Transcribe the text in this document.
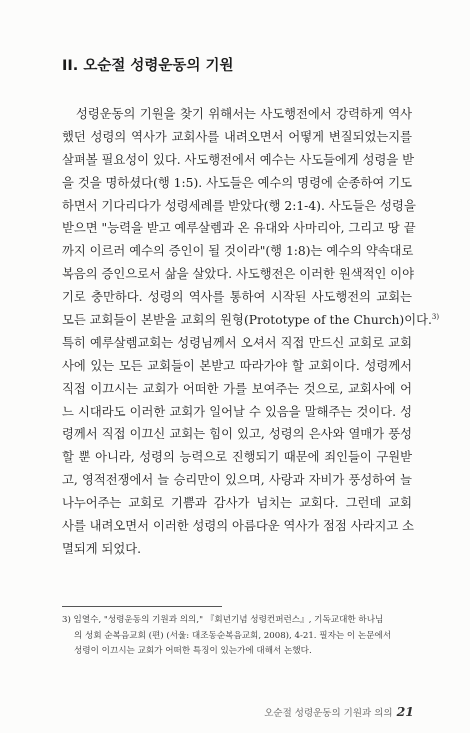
II. 오순절 성령운동의 기원
성령운동의 기원을 찾기 위해서는 사도행전에서 강력하게 역사
했던 성령의 역사가 교회사를 내려오면서 어떻게 변질되었는지를
살펴볼 필요성이 있다. 사도행전에서 예수는 사도들에게 성령을 받
을 것을 명하셨다(행 1:5). 사도들은 예수의 명령에 순종하여 기도
하면서 기다리다가 성령세례를 받았다(행 2:1-4). 사도들은 성령을
받으면 "능력을 받고 예루살렘과 온 유대와 사마리아, 그리고 땅 끝
까지 이르러 예수의 증인이 될 것이라"(행 1:8)는 예수의 약속대로
복음의 증인으로서 삶을 살았다. 사도행전은 이러한 원색적인 이야
기로 충만하다. 성령의 역사를 통하여 시작된 사도행전의 교회는
모든 교회들이 본받을 교회의 원형(Prototype of the Church)이다.$^{3)}$
특히 예루살렘교회는 성령님께서 오셔서 직접 만드신 교회로 교회
사에 있는 모든 교회들이 본받고 따라가야 할 교회이다. 성령께서
직접 이끄시는 교회가 어떠한 가를 보여주는 것으로, 교회사에 어
느 시대라도 이러한 교회가 일어날 수 있음을 말해주는 것이다. 성
령께서 직접 이끄신 교회는 힘이 있고, 성령의 은사와 열매가 풍성
할 뿐 아니라, 성령의 능력으로 진행되기 때문에 죄인들이 구원받
고, 영적전쟁에서 늘 승리만이 있으며, 사랑과 자비가 풍성하여 늘
나누어주는 교회로 기쁨과 감사가 넘치는 교회다. 그런데 교회
사를 내려오면서 이러한 성령의 아름다운 역사가 점점 사라지고 소
멸되게 되었다.
3) 임열수, "성령운동의 기원과 의의," 『회년기념 성령컨퍼런스』, 기독교대한 하나님
의 성회 순복음교회 (편) (서울: 대조동순복음교회, 2008), 4-21. 필자는 이 논문에서
성령이 이끄시는 교회가 어떠한 특징이 있는가에 대해서 논했다.
오순절 성령운동의 기원과 의의 21
